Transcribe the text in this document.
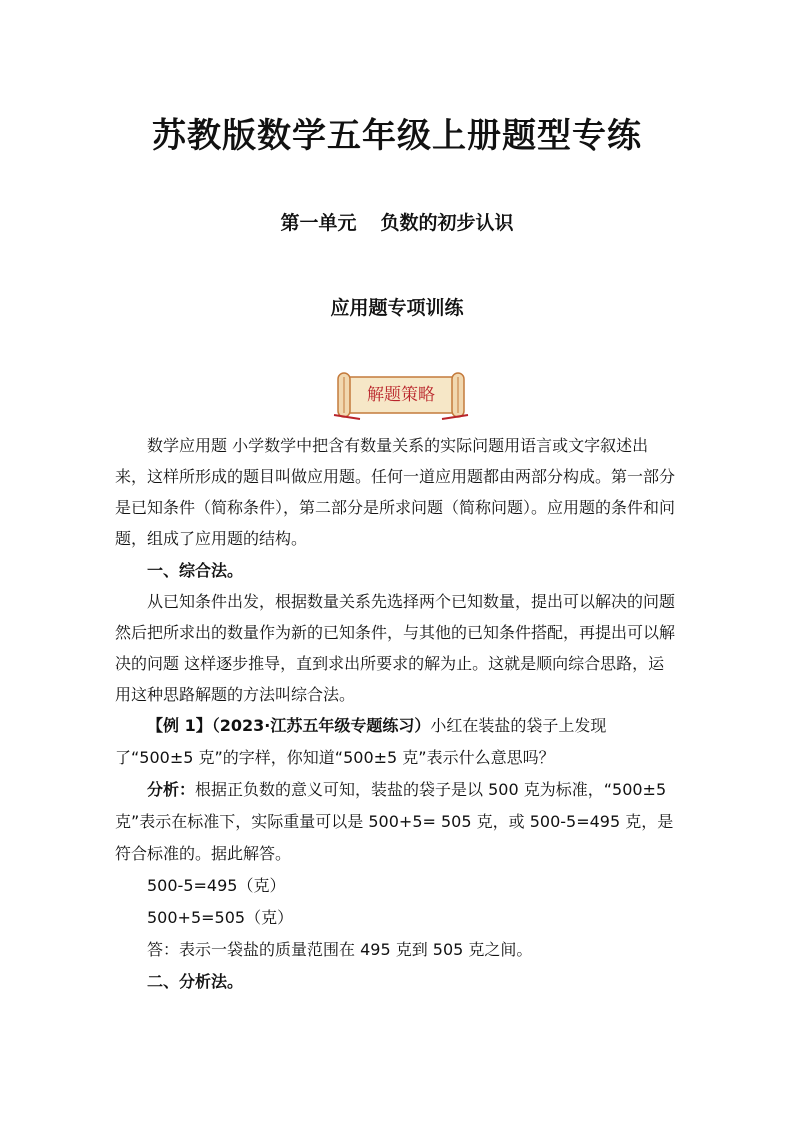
苏教版数学五年级上册题型专练
第一单元 负数的初步认识
应用题专项训练
解题策略

数学应用题 小学数学中把含有数量关系的实际问题用语言或文字叙述出来，这样所形成的题目叫做应用题。任何一道应用题都由两部分构成。第一部分是已知条件（简称条件），第二部分是所求问题（简称问题）。应用题的条件和问题，组成了应用题的结构。

一、综合法。

从已知条件出发，根据数量关系先选择两个已知数量，提出可以解决的问题然后把所求出的数量作为新的已知条件，与其他的已知条件搭配，再提出可以解决的问题 这样逐步推导，直到求出所要求的解为止。这就是顺向综合思路，运用这种思路解题的方法叫综合法。

【例 1】（2023·江苏五年级专题练习）小红在装盐的袋子上发现了“500±5 克”的字样，你知道“500±5 克”表示什么意思吗？

分析：根据正负数的意义可知，装盐的袋子是以 500 克为标准，“500±5 克”表示在标准下，实际重量可以是 500+5= 505 克，或 500-5=495 克，是符合标准的。据此解答。

500-5=495（克）

500+5=505（克）

答：表示一袋盐的质量范围在 495 克到 505 克之间。

二、分析法。
